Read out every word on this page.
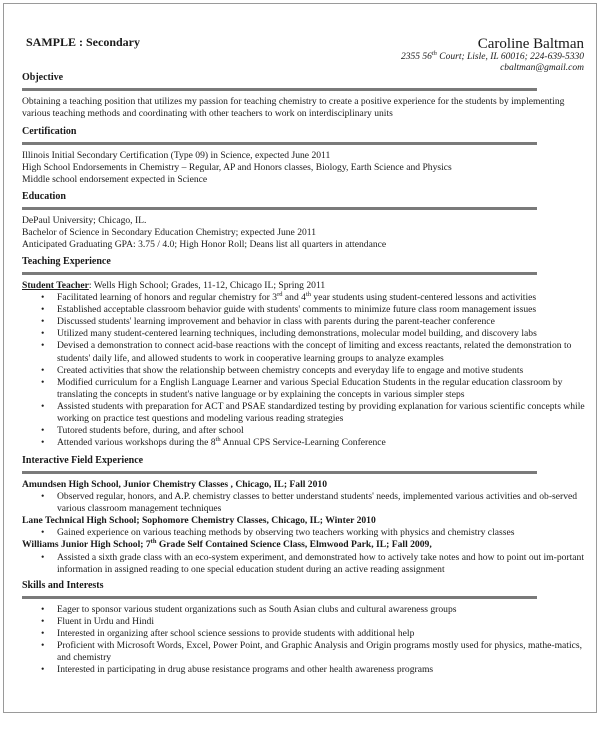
SAMPLE : Secondary	Caroline Baltman
2355 56th Court; Lisle, IL 60016; 224-639-5330
cbaltman@gmail.com
Objective
Obtaining a teaching position that utilizes my passion for teaching chemistry to create a positive experience for the students by implementing various teaching methods and coordinating with other teachers to work on interdisciplinary units
Certification
Illinois Initial Secondary Certification (Type 09) in Science, expected June 2011
High School Endorsements in Chemistry – Regular, AP and Honors classes, Biology, Earth Science and Physics
Middle school endorsement expected in Science
Education
DePaul University; Chicago, IL.
Bachelor of Science in Secondary Education Chemistry; expected June 2011
Anticipated Graduating GPA: 3.75 / 4.0; High Honor Roll; Deans list all quarters in attendance
Teaching Experience
Student Teacher: Wells High School; Grades, 11-12, Chicago IL; Spring 2011
• Facilitated learning of honors and regular chemistry for 3rd and 4th year students using student-centered lessons and activities
• Established acceptable classroom behavior guide with students' comments to minimize future class room management issues
• Discussed students' learning improvement and behavior in class with parents during the parent-teacher conference
• Utilized many student-centered learning techniques, including demonstrations, molecular model building, and discovery labs
• Devised a demonstration to connect acid-base reactions with the concept of limiting and excess reactants, related the demonstration to students' daily life, and allowed students to work in cooperative learning groups to analyze examples
• Created activities that show the relationship between chemistry concepts and everyday life to engage and motive students
• Modified curriculum for a English Language Learner and various Special Education Students in the regular education classroom by translating the concepts in student's native language or by explaining the concepts in various simpler steps
• Assisted students with preparation for ACT and PSAE standardized testing by providing explanation for various scientific concepts while working on practice test questions and modeling various reading strategies
• Tutored students before, during, and after school
• Attended various workshops during the 8th Annual CPS Service-Learning Conference
Interactive Field Experience
Amundsen High School, Junior Chemistry Classes , Chicago, IL; Fall 2010
• Observed regular, honors, and A.P. chemistry classes to better understand students' needs, implemented various activities and ob-served various classroom management techniques
Lane Technical High School; Sophomore Chemistry Classes, Chicago, IL; Winter 2010
• Gained experience on various teaching methods by observing two teachers working with physics and chemistry classes
Williams Junior High School; 7th Grade Self Contained Science Class, Elmwood Park, IL; Fall 2009,
• Assisted a sixth grade class with an eco-system experiment, and demonstrated how to actively take notes and how to point out im-portant information in assigned reading to one special education student during an active reading assignment
Skills and Interests
• Eager to sponsor various student organizations such as South Asian clubs and cultural awareness groups
• Fluent in Urdu and Hindi
• Interested in organizing after school science sessions to provide students with additional help
• Proficient with Microsoft Words, Excel, Power Point, and Graphic Analysis and Origin programs mostly used for physics, mathe-matics, and chemistry
• Interested in participating in drug abuse resistance programs and other health awareness programs
